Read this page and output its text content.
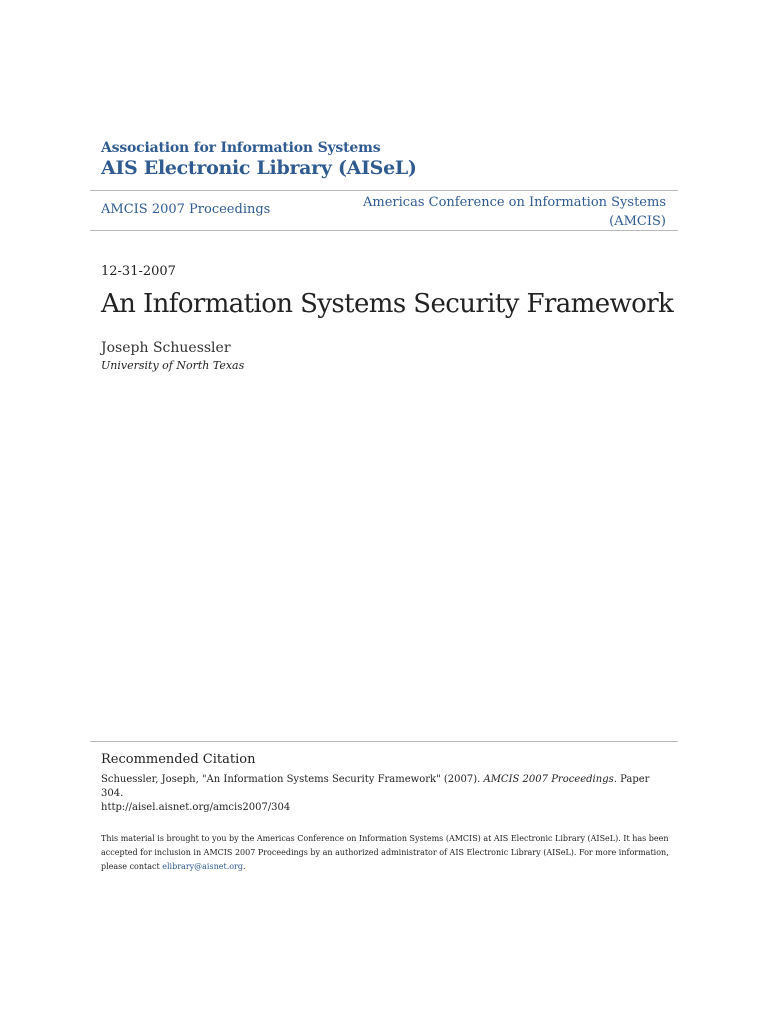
Association for Information Systems
AIS Electronic Library (AISeL)
AMCIS 2007 Proceedings	Americas Conference on Information Systems
(AMCIS)
12-31-2007
An Information Systems Security Framework
Joseph Schuessler
University of North Texas
Recommended Citation
Schuessler, Joseph, "An Information Systems Security Framework" (2007). AMCIS 2007 Proceedings. Paper 304.
http://aisel.aisnet.org/amcis2007/304
This material is brought to you by the Americas Conference on Information Systems (AMCIS) at AIS Electronic Library (AISeL). It has been accepted for inclusion in AMCIS 2007 Proceedings by an authorized administrator of AIS Electronic Library (AISeL). For more information, please contact elibrary@aisnet.org.
